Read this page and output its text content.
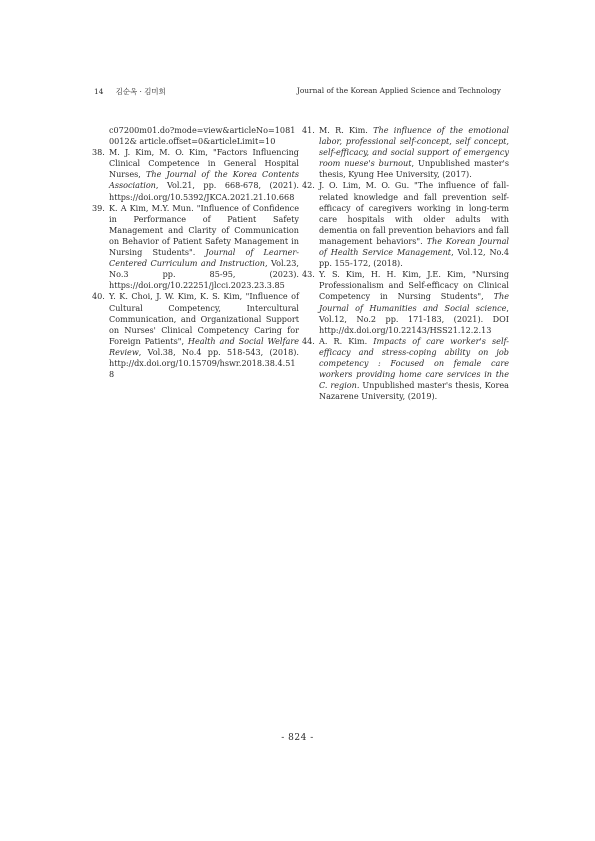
14 김순옥 · 김미희	Journal of the Korean Applied Science and Technology
c07200m01.do?mode=view&articleNo=10810012& article.offset=0&articleLimit=10
38. M. J. Kim, M. O. Kim, "Factors Influencing Clinical Competence in General Hospital Nurses, The Journal of the Korea Contents Association, Vol.21, pp. 668-678, (2021). https://doi.org/10.5392/JKCA.2021.21.10.668
39. K. A Kim, M.Y. Mun. "Influence of Confidence in Performance of Patient Safety Management and Clarity of Communication on Behavior of Patient Safety Management in Nursing Students". Journal of Learner-Centered Curriculum and Instruction, Vol.23, No.3 pp. 85-95, (2023). https://doi.org/10.22251/jlcci.2023.23.3.85
40. Y. K. Choi, J. W. Kim, K. S. Kim, "Influence of Cultural Competency, Intercultural Communication, and Organizational Support on Nurses' Clinical Competency Caring for Foreign Patients", Health and Social Welfare Review, Vol.38, No.4 pp. 518-543, (2018). http://dx.doi.org/10.15709/hswr.2018.38.4.518
41. M. R. Kim. The influence of the emotional labor, professional self-concept, self concept, self-efficacy, and social support of emergency room nuese's burnout, Unpublished master's thesis, Kyung Hee University, (2017).
42. J. O. Lim, M. O. Gu. "The influence of fall-related knowledge and fall prevention self-efficacy of caregivers working in long-term care hospitals with older adults with dementia on fall prevention behaviors and fall management behaviors". The Korean Journal of Health Service Management, Vol.12, No.4 pp. 155-172, (2018).
43. Y. S. Kim, H. H. Kim, J.E. Kim, "Nursing Professionalism and Self-efficacy on Clinical Competency in Nursing Students", The Journal of Humanities and Social science, Vol.12, No.2 pp. 171-183, (2021). DOI http://dx.doi.org/10.22143/HSS21.12.2.13
44. A. R. Kim. Impacts of care worker's self-efficacy and stress-coping ability on job competency : Focused on female care workers providing home care services in the C. region. Unpublished master's thesis, Korea Nazarene University, (2019).
- 824 -
